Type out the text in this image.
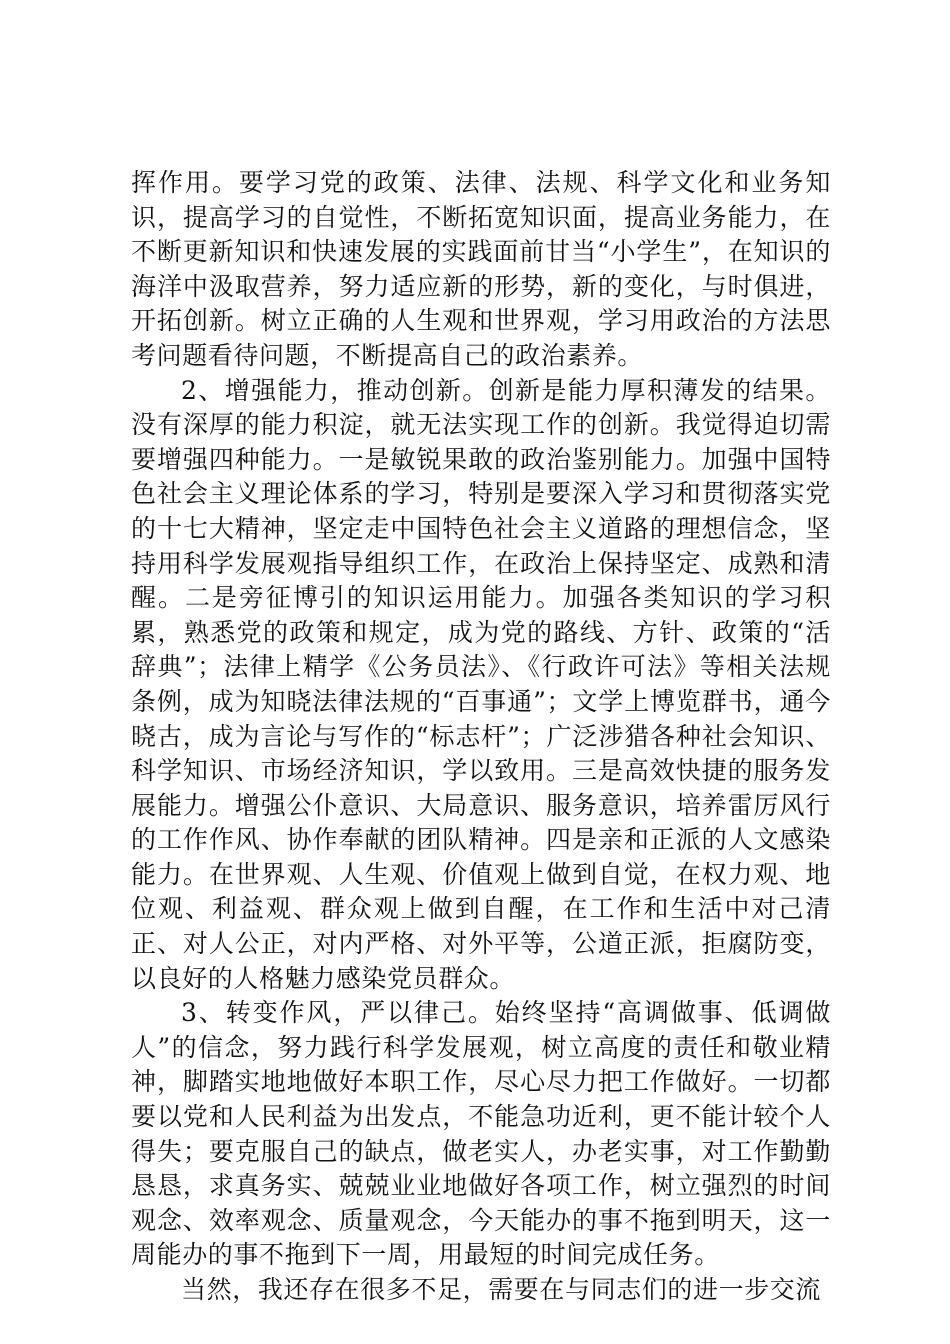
挥作用。要学习党的政策、法律、法规、科学文化和业务知识，提高学习的自觉性，不断拓宽知识面，提高业务能力，在不断更新知识和快速发展的实践面前甘当“小学生”，在知识的海洋中汲取营养，努力适应新的形势，新的变化，与时俱进，开拓创新。树立正确的人生观和世界观，学习用政治的方法思考问题看待问题，不断提高自己的政治素养。

2、增强能力，推动创新。创新是能力厚积薄发的结果。没有深厚的能力积淀，就无法实现工作的创新。我觉得迫切需要增强四种能力。一是敏锐果敢的政治鉴别能力。加强中国特色社会主义理论体系的学习，特别是要深入学习和贯彻落实党的十七大精神，坚定走中国特色社会主义道路的理想信念，坚持用科学发展观指导组织工作，在政治上保持坚定、成熟和清醒。二是旁征博引的知识运用能力。加强各类知识的学习积累，熟悉党的政策和规定，成为党的路线、方针、政策的“活辞典”；法律上精学《公务员法》、《行政许可法》等相关法规条例，成为知晓法律法规的“百事通”；文学上博览群书，通今晓古，成为言论与写作的“标志杆”；广泛涉猎各种社会知识、科学知识、市场经济知识，学以致用。三是高效快捷的服务发展能力。增强公仆意识、大局意识、服务意识，培养雷厉风行的工作作风、协作奉献的团队精神。四是亲和正派的人文感染能力。在世界观、人生观、价值观上做到自觉，在权力观、地位观、利益观、群众观上做到自醒，在工作和生活中对己清正、对人公正，对内严格、对外平等，公道正派，拒腐防变，以良好的人格魅力感染党员群众。

3、转变作风，严以律己。始终坚持“高调做事、低调做人”的信念，努力践行科学发展观，树立高度的责任和敬业精神，脚踏实地地做好本职工作，尽心尽力把工作做好。一切都要以党和人民利益为出发点，不能急功近利，更不能计较个人得失；要克服自己的缺点，做老实人，办老实事，对工作勤勤恳恳，求真务实、兢兢业业地做好各项工作，树立强烈的时间观念、效率观念、质量观念，今天能办的事不拖到明天，这一周能办的事不拖到下一周，用最短的时间完成任务。

当然，我还存在很多不足，需要在与同志们的进一步交流
